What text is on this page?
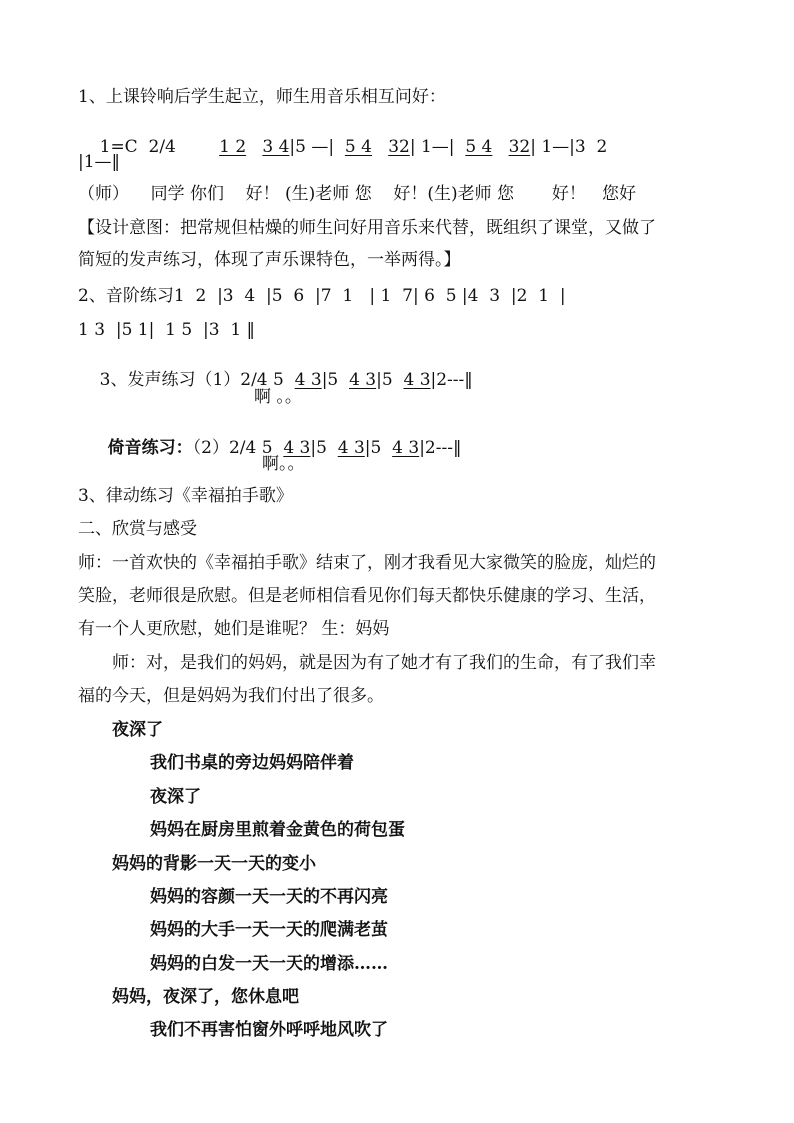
1、上课铃响后学生起立，师生用音乐相互问好：

1=C 2/4	1 2 3 4|5 —| 5 4 32| 1—| 5 4 32| 1—|3  2

|1—‖
（师）    同学 你们    好！ (生)老师 您    好！(生)老师 您       好！   您好
【设计意图：把常规但枯燥的师生问好用音乐来代替，既组织了课堂，又做了
简短的发声练习，体现了声乐课特色，一举两得。】
2、音阶练习1  2  |3  4  |5  6  |7  1   | 1  7| 6  5 |4  3  |2  1  |
1 3  |5 1|  1 5  |3  1 ‖

3、发声练习（1）2/4 5  4 3|5  4 3|5  4 3|2---‖

啊 。。

倚音练习：（2）2/4 5  4 3|5  4 3|5  4 3|2---‖

啊。。
3、律动练习《幸福拍手歌》
二、欣赏与感受
师：一首欢快的《幸福拍手歌》结束了，刚才我看见大家微笑的脸庞，灿烂的
笑脸，老师很是欣慰。但是老师相信看见你们每天都快乐健康的学习、生活，
有一个人更欣慰，她们是谁呢？ 生：妈妈
师：对，是我们的妈妈，就是因为有了她才有了我们的生命，有了我们幸
福的今天，但是妈妈为我们付出了很多。
夜深了
我们书桌的旁边妈妈陪伴着
夜深了
妈妈在厨房里煎着金黄色的荷包蛋
妈妈的背影一天一天的变小
妈妈的容颜一天一天的不再闪亮
妈妈的大手一天一天的爬满老茧
妈妈的白发一天一天的增添……
妈妈，夜深了，您休息吧
我们不再害怕窗外呼呼地风吹了
